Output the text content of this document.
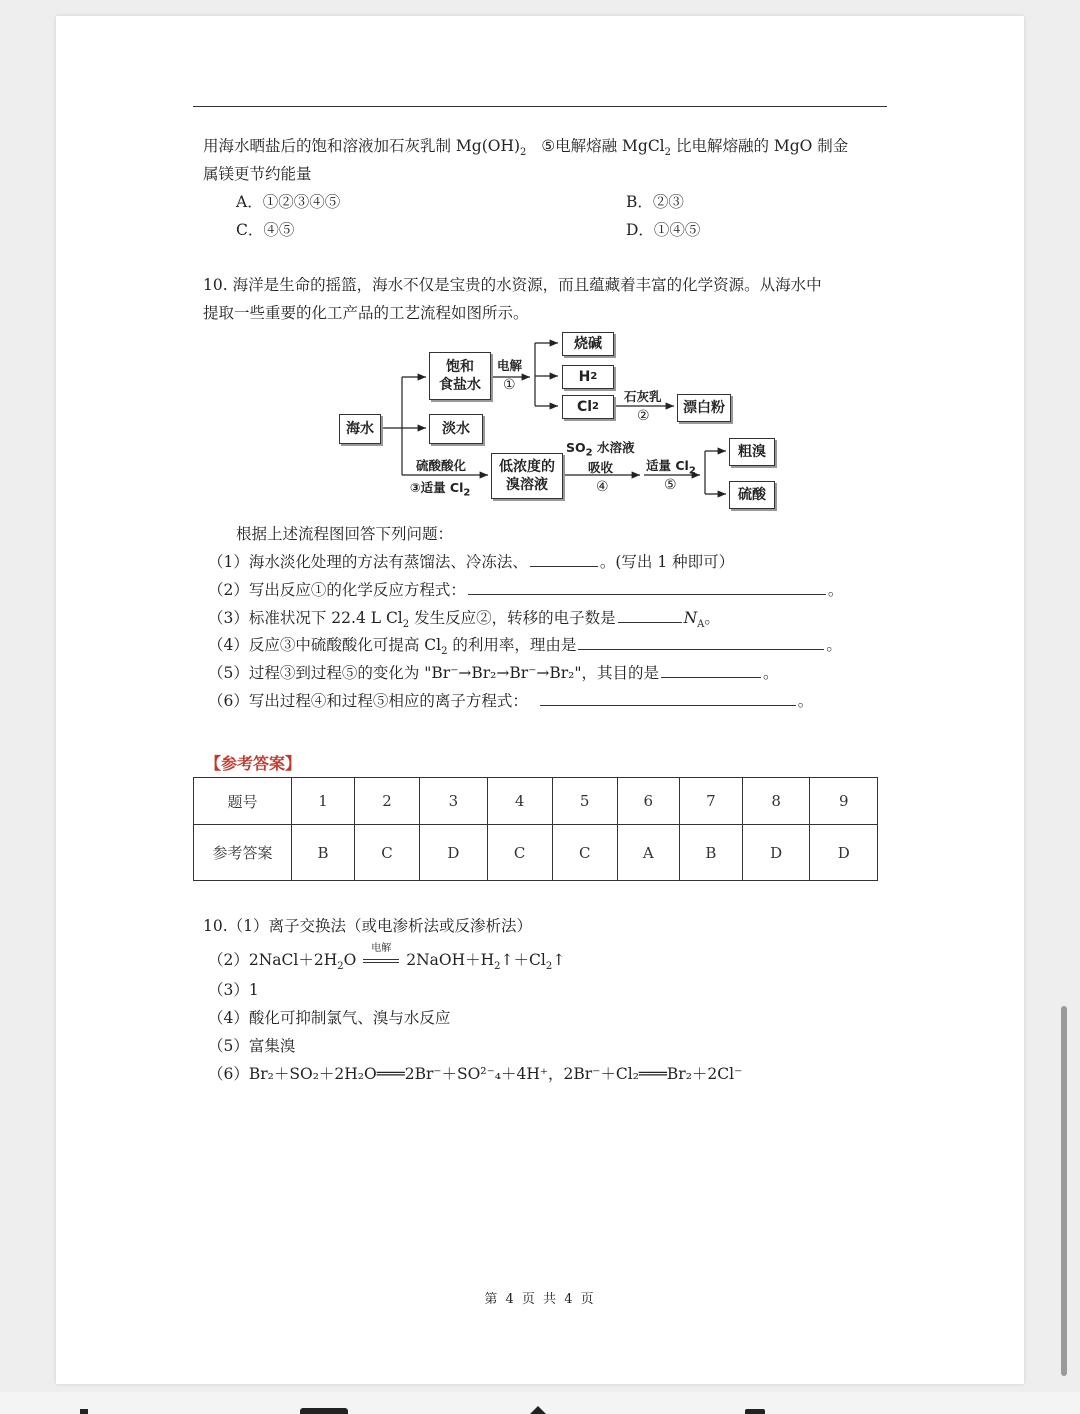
用海水晒盐后的饱和溶液加石灰乳制 $Mg(OH)_2$ ⑤电解熔融 MgCl$_2$ 比电解熔融的 MgO 制金
属镁更节约能量
A．①②③④⑤	B．②③
C．④⑤	D．①④⑤
10. 海洋是生命的摇篮，海水不仅是宝贵的水资源，而且蕴藏着丰富的化学资源。从海水中
提取一些重要的化工产品的工艺流程如图所示。
海水
饱和
食盐水
淡水
低浓度的
溴溶液
烧碱
H 2
Cl 2	漂白粉
粗溴
硫酸
电解
①
石灰乳
②
硫酸酸化
③适量 $Cl_2$
$SO_2$ 水溶液
吸收
④
适量 $Cl_2$
⑤
根据上述流程图回答下列问题：
（1）海水淡化处理的方法有蒸馏法、冷冻法、	。(写出 1 种即可）
（2）写出反应①的化学反应方程式：	。
（3）标准状况下 22.4 L $Cl_2$ 发生反应②，转移的电子数是	$N_A$。
（4）反应③中硫酸酸化可提高 $Cl_2$ 的利用率，理由是	。
（5）过程③到过程⑤的变化为 "Br⁻→Br₂→Br⁻→Br₂"，其目的是	。
（6）写出过程④和过程⑤相应的离子方程式：	。
【参考答案】
题号	1	2	3	4	5	6	7	8	9
参考答案	B	C	D	C	C	A	B	D	D
10.（1）离子交换法（或电渗析法或反渗析法）
$(2)2NaCl+2H_2O$
电解
$2NaOH+H_2↑+Cl_2↑$
（3）1
（4）酸化可抑制氯气、溴与水反应
（5）富集溴
（6）Br₂＋SO₂＋2H₂O═══2Br⁻＋SO²⁻₄＋4H⁺，2Br⁻＋Cl₂═══Br₂＋2Cl⁻
第 4 页 共 4 页
